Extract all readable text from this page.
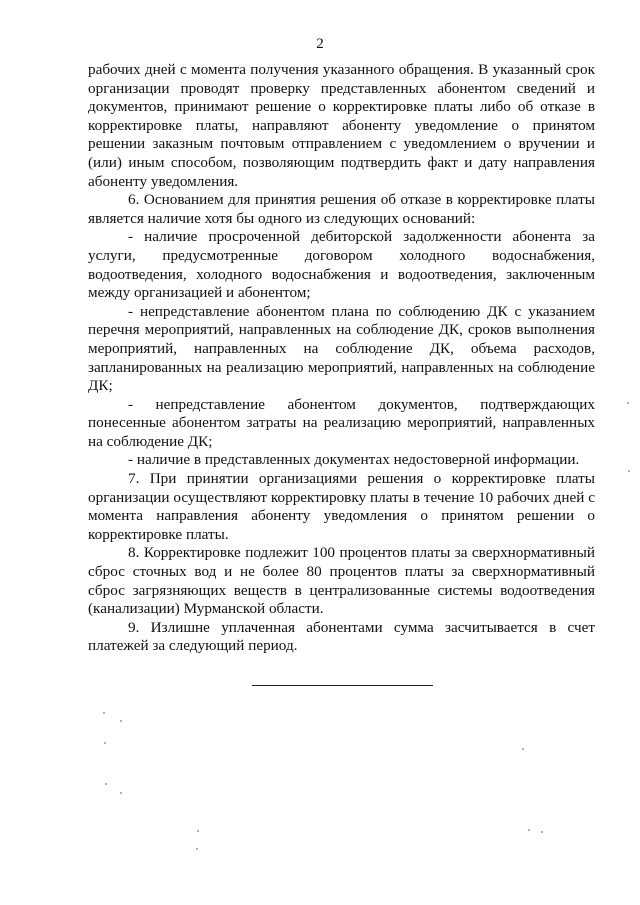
2

рабочих дней с момента получения указанного обращения. В указанный срок организации проводят проверку представленных абонентом сведений и документов, принимают решение о корректировке платы либо об отказе в корректировке платы, направляют абоненту уведомление о принятом решении заказным почтовым отправлением с уведомлением о вручении и (или) иным способом, позволяющим подтвердить факт и дату направления абоненту уведомления.

6. Основанием для принятия решения об отказе в корректировке платы является наличие хотя бы одного из следующих оснований:

- наличие просроченной дебиторской задолженности абонента за услуги, предусмотренные договором холодного водоснабжения, водоотведения, холодного водоснабжения и водоотведения, заключенным между организацией и абонентом;

- непредставление абонентом плана по соблюдению ДК с указанием перечня мероприятий, направленных на соблюдение ДК, сроков выполнения мероприятий, направленных на соблюдение ДК, объема расходов, запланированных на реализацию мероприятий, направленных на соблюдение ДК;

- непредставление абонентом документов, подтверждающих понесенные абонентом затраты на реализацию мероприятий, направленных на соблюдение ДК;

- наличие в представленных документах недостоверной информации.

7. При принятии организациями решения о корректировке платы организации осуществляют корректировку платы в течение 10 рабочих дней с момента направления абоненту уведомления о принятом решении о корректировке платы.

8. Корректировке подлежит 100 процентов платы за сверхнормативный сброс сточных вод и не более 80 процентов платы за сверхнормативный сброс загрязняющих веществ в централизованные системы водоотведения (канализации) Мурманской области.

9. Излишне уплаченная абонентами сумма засчитывается в счет платежей за следующий период.
